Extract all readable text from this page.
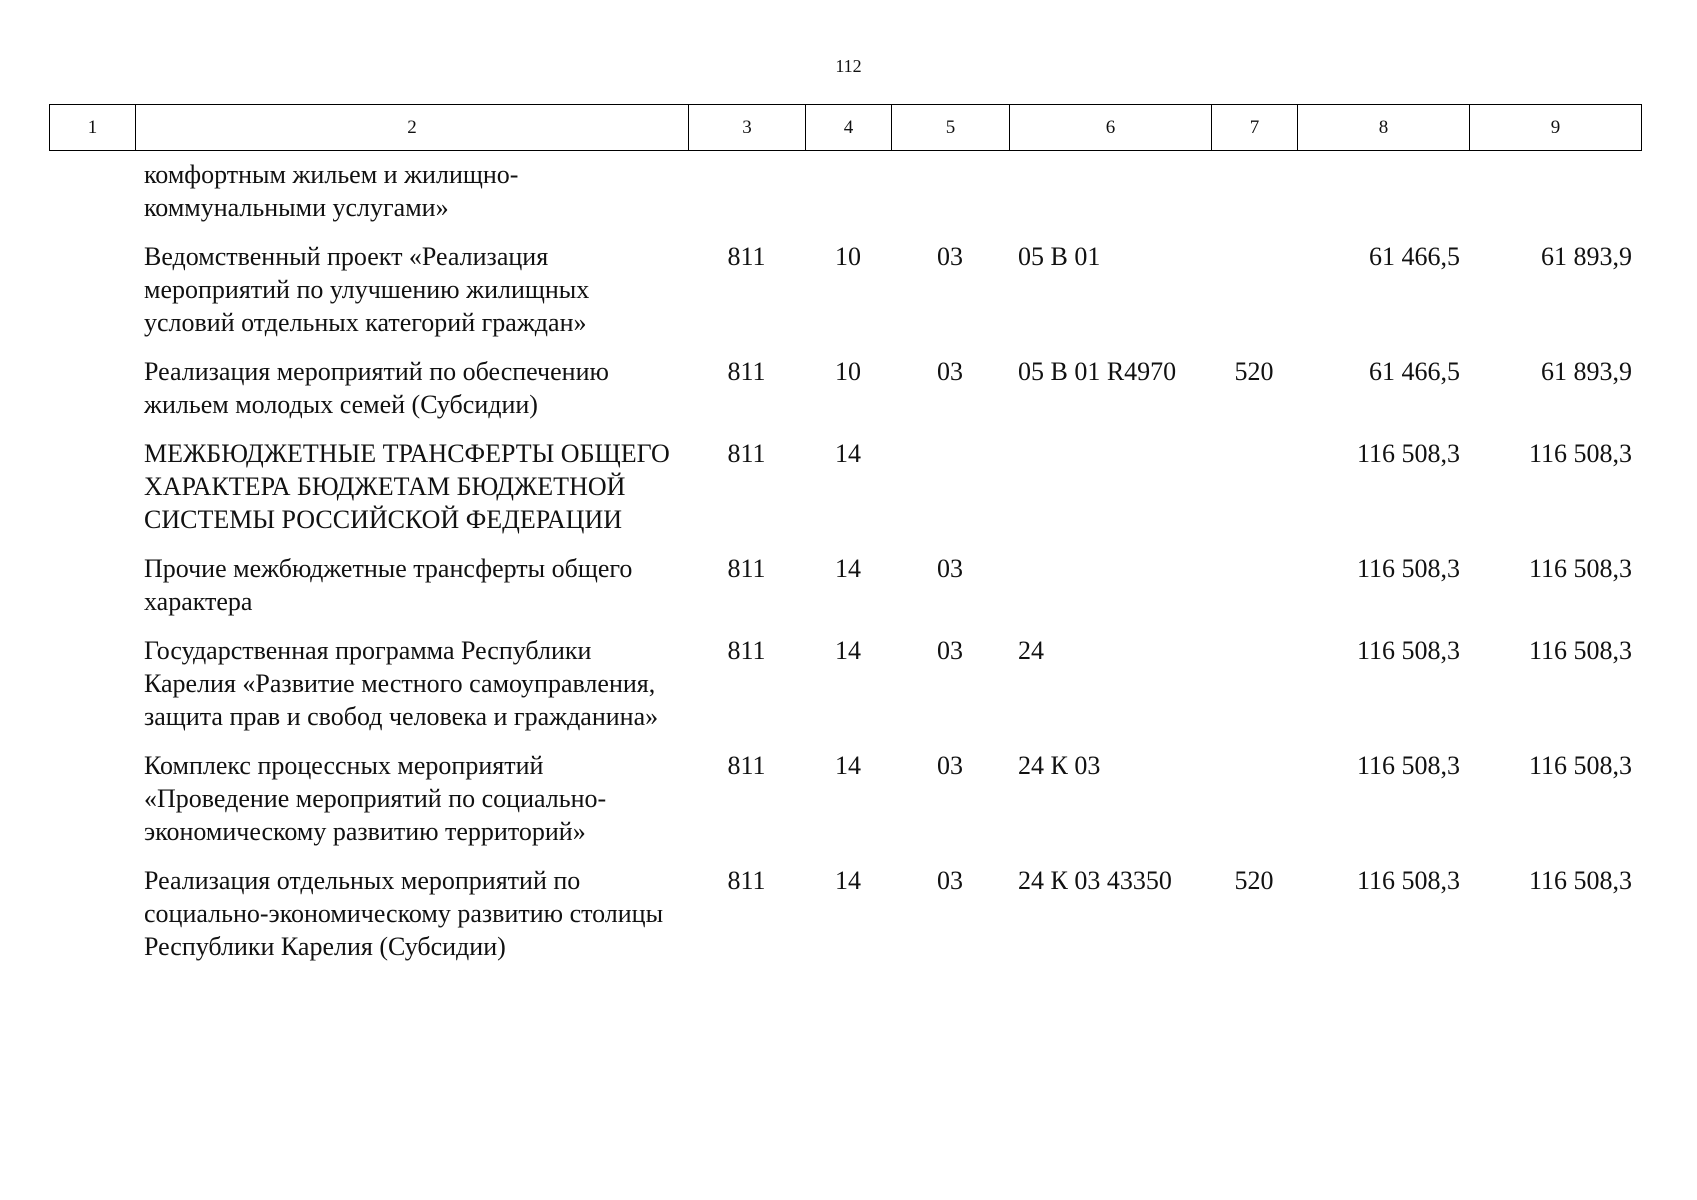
112
1	2	3	4	5	6	7	8	9
комфортным жильем и жилищно-коммунальными услугами»							
Ведомственный проект «Реализация мероприятий по улучшению жилищных условий отдельных категорий граждан»	811	10	03	05 В 01		61 466,5	61 893,9
Реализация мероприятий по обеспечению жильем молодых семей (Субсидии)	811	10	03	05 В 01 R4970	520	61 466,5	61 893,9
МЕЖБЮДЖЕТНЫЕ ТРАНСФЕРТЫ ОБЩЕГО ХАРАКТЕРА БЮДЖЕТАМ БЮДЖЕТНОЙ СИСТЕМЫ РОССИЙСКОЙ ФЕДЕРАЦИИ	811	14				116 508,3	116 508,3
Прочие межбюджетные трансферты общего характера	811	14	03			116 508,3	116 508,3
Государственная программа Республики Карелия «Развитие местного самоуправления, защита прав и свобод человека и гражданина»	811	14	03	24		116 508,3	116 508,3
Комплекс процессных мероприятий «Проведение мероприятий по социально-экономическому развитию территорий»	811	14	03	24 К 03		116 508,3	116 508,3
Реализация отдельных мероприятий по социально-экономическому развитию столицы Республики Карелия (Субсидии)	811	14	03	24 К 03 43350	520	116 508,3	116 508,3
